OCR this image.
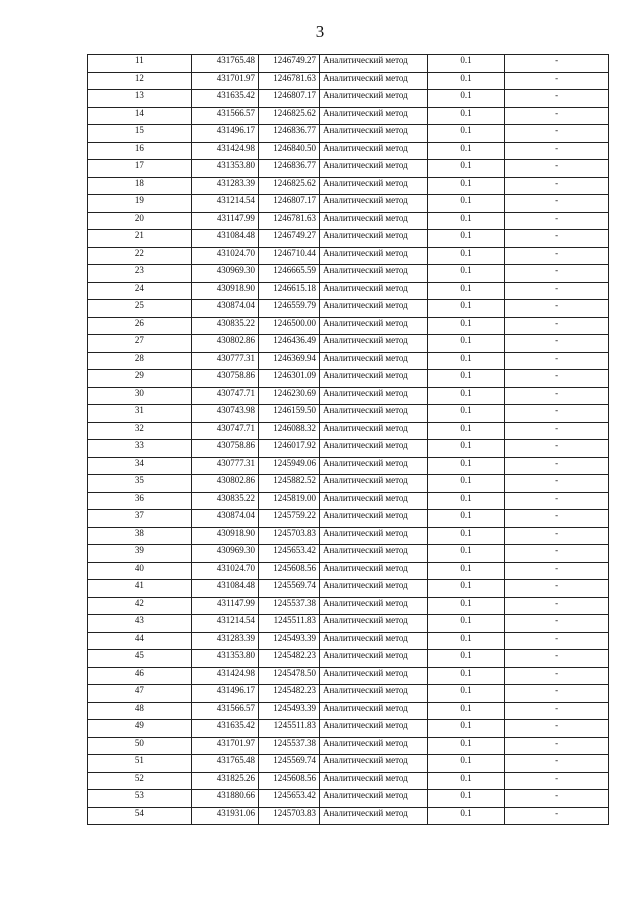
3
11	431765.48	1246749.27	Аналитический метод	0.1	-
12	431701.97	1246781.63	Аналитический метод	0.1	-
13	431635.42	1246807.17	Аналитический метод	0.1	-
14	431566.57	1246825.62	Аналитический метод	0.1	-
15	431496.17	1246836.77	Аналитический метод	0.1	-
16	431424.98	1246840.50	Аналитический метод	0.1	-
17	431353.80	1246836.77	Аналитический метод	0.1	-
18	431283.39	1246825.62	Аналитический метод	0.1	-
19	431214.54	1246807.17	Аналитический метод	0.1	-
20	431147.99	1246781.63	Аналитический метод	0.1	-
21	431084.48	1246749.27	Аналитический метод	0.1	-
22	431024.70	1246710.44	Аналитический метод	0.1	-
23	430969.30	1246665.59	Аналитический метод	0.1	-
24	430918.90	1246615.18	Аналитический метод	0.1	-
25	430874.04	1246559.79	Аналитический метод	0.1	-
26	430835.22	1246500.00	Аналитический метод	0.1	-
27	430802.86	1246436.49	Аналитический метод	0.1	-
28	430777.31	1246369.94	Аналитический метод	0.1	-
29	430758.86	1246301.09	Аналитический метод	0.1	-
30	430747.71	1246230.69	Аналитический метод	0.1	-
31	430743.98	1246159.50	Аналитический метод	0.1	-
32	430747.71	1246088.32	Аналитический метод	0.1	-
33	430758.86	1246017.92	Аналитический метод	0.1	-
34	430777.31	1245949.06	Аналитический метод	0.1	-
35	430802.86	1245882.52	Аналитический метод	0.1	-
36	430835.22	1245819.00	Аналитический метод	0.1	-
37	430874.04	1245759.22	Аналитический метод	0.1	-
38	430918.90	1245703.83	Аналитический метод	0.1	-
39	430969.30	1245653.42	Аналитический метод	0.1	-
40	431024.70	1245608.56	Аналитический метод	0.1	-
41	431084.48	1245569.74	Аналитический метод	0.1	-
42	431147.99	1245537.38	Аналитический метод	0.1	-
43	431214.54	1245511.83	Аналитический метод	0.1	-
44	431283.39	1245493.39	Аналитический метод	0.1	-
45	431353.80	1245482.23	Аналитический метод	0.1	-
46	431424.98	1245478.50	Аналитический метод	0.1	-
47	431496.17	1245482.23	Аналитический метод	0.1	-
48	431566.57	1245493.39	Аналитический метод	0.1	-
49	431635.42	1245511.83	Аналитический метод	0.1	-
50	431701.97	1245537.38	Аналитический метод	0.1	-
51	431765.48	1245569.74	Аналитический метод	0.1	-
52	431825.26	1245608.56	Аналитический метод	0.1	-
53	431880.66	1245653.42	Аналитический метод	0.1	-
54	431931.06	1245703.83	Аналитический метод	0.1	-
